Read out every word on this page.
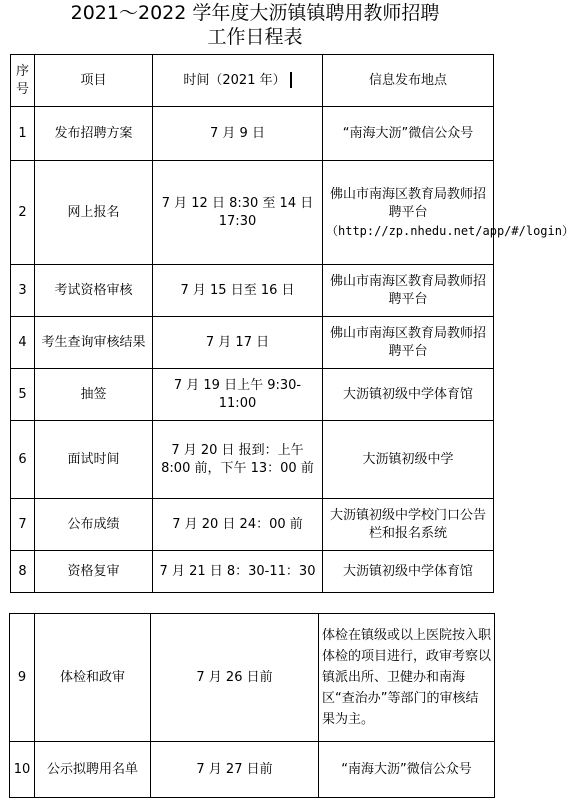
2021～2022 学年度大沥镇镇聘用教师招聘
工作日程表
序号	项目	时间（2021 年）	信息发布地点
1	发布招聘方案	7 月 9 日	“南海大沥”微信公众号
2	网上报名	7 月 12 日 8:30 至 14 日 17:30	佛山市南海区教育局教师招聘平台
（http://zp.nhedu.net/app/#/login）

3	考试资格审核	7 月 15 日至 16 日	佛山市南海区教育局教师招聘平台
4	考生查询审核结果	7 月 17 日	佛山市南海区教育局教师招聘平台
5	抽签	7 月 19 日上午 9:30-11:00	大沥镇初级中学体育馆
6	面试时间	7 月 20 日 报到：上午 8:00 前，下午 13：00 前	大沥镇初级中学
7	公布成绩	7 月 20 日 24：00 前	大沥镇初级中学校门口公告栏和报名系统
8	资格复审	7 月 21 日 8：30-11：30	大沥镇初级中学体育馆
9	体检和政审	7 月 26 日前	体检在镇级或以上医院按入职体检的项目进行，政审考察以镇派出所、卫健办和南海区“查治办”等部门的审核结果为主。
10	公示拟聘用名单	7 月 27 日前	“南海大沥”微信公众号
